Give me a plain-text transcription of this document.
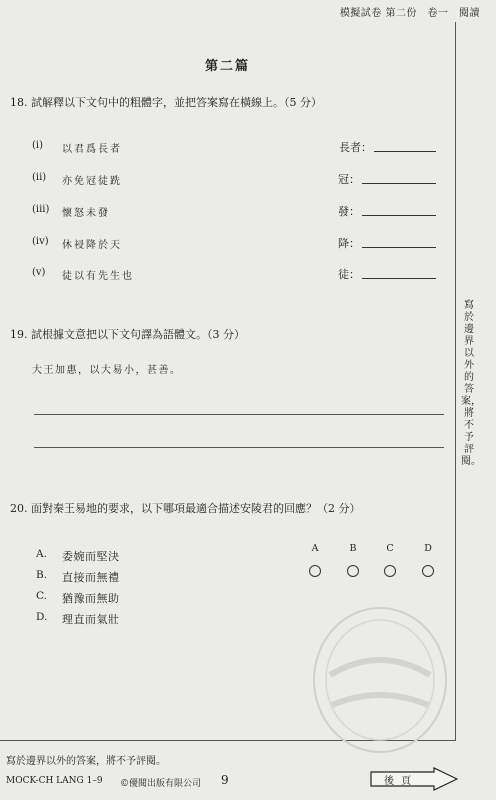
模擬試卷 第二份　卷一　閱讀
第二篇
18. 試解釋以下文句中的粗體字，並把答案寫在橫線上。（5 分）
(i) 以君爲長者	長者：
(ii) 亦免冠徒跣	冠：
(iii) 懷怒未發	發：
(iv) 休祲降於天	降：
(v) 徒以有先生也	徒：
19. 試根據文意把以下文句譯為語體文。（3 分）
大王加惠，以大易小，甚善。
20. 面對秦王易地的要求，以下哪項最適合描述安陵君的回應？（2 分）
A. 委婉而堅決
B. 直接而無禮
C. 猶豫而無助
D. 理直而氣壯
A	B	C	D
寫於邊界以外的答案，將不予評閱。
寫於邊界以外的答案，將不予評閱。
MOCK-CH LANG 1–9 ©優閱出版有限公司 9	後 頁
